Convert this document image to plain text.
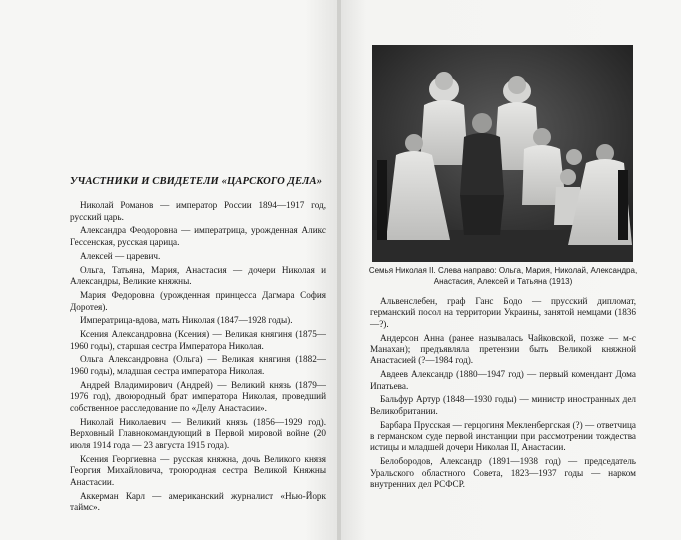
УЧАСТНИКИ И СВИДЕТЕЛИ «ЦАРСКОГО ДЕЛА»

Николай Романов — император России 1894—1917 год, русский царь.

Александра Феодоровна — императрица, урожденная Аликс Гессенская, русская царица.

Алексей — царевич.

Ольга, Татьяна, Мария, Анастасия — дочери Николая и Александры, Великие княжны.

Мария Федоровна (урожденная принцесса Дагмара София Доротея).

Императрица-вдова, мать Николая (1847—1928 годы).

Ксения Александровна (Ксения) — Великая княгиня (1875—1960 годы), старшая сестра Императора Николая.

Ольга Александровна (Ольга) — Великая княгиня (1882—1960 годы), младшая сестра императора Николая.

Андрей Владимирович (Андрей) — Великий князь (1879—1976 год), двоюродный брат императора Николая, проведший собственное расследование по «Делу Анастасии».

Николай Николаевич — Великий князь (1856—1929 год). Верховный Главнокомандующий в Первой мировой войне (20 июля 1914 года — 23 августа 1915 года).

Ксения Георгиевна — русская княжна, дочь Великого князя Георгия Михайловича, троюродная сестра Великой Княжны Анастасии.

Аккерман Карл — американский журналист «Нью-Йорк таймс».

Семья Николая II. Слева направо: Ольга, Мария, Николай, Александра, Анастасия, Алексей и Татьяна (1913)

Альвенслебен, граф Ганс Бодо — прусский дипломат, германский посол на территории Украины, занятой немцами (1836—?).

Андерсон Анна (ранее называлась Чайковской, позже — м-с Манахан); предъявляла претензии быть Великой княжной Анастасией (?—1984 год).

Авдеев Александр (1880—1947 год) — первый комендант Дома Ипатьева.

Бальфур Артур (1848—1930 годы) — министр иностранных дел Великобритании.

Барбара Прусская — герцогиня Мекленбергская (?) — ответчица в германском суде первой инстанции при рассмотрении тождества истицы и младшей дочери Николая II, Анастасии.

Белобородов, Александр (1891—1938 год) — председатель Уральского областного Совета, 1823—1937 годы — нарком внутренних дел РСФСР.
